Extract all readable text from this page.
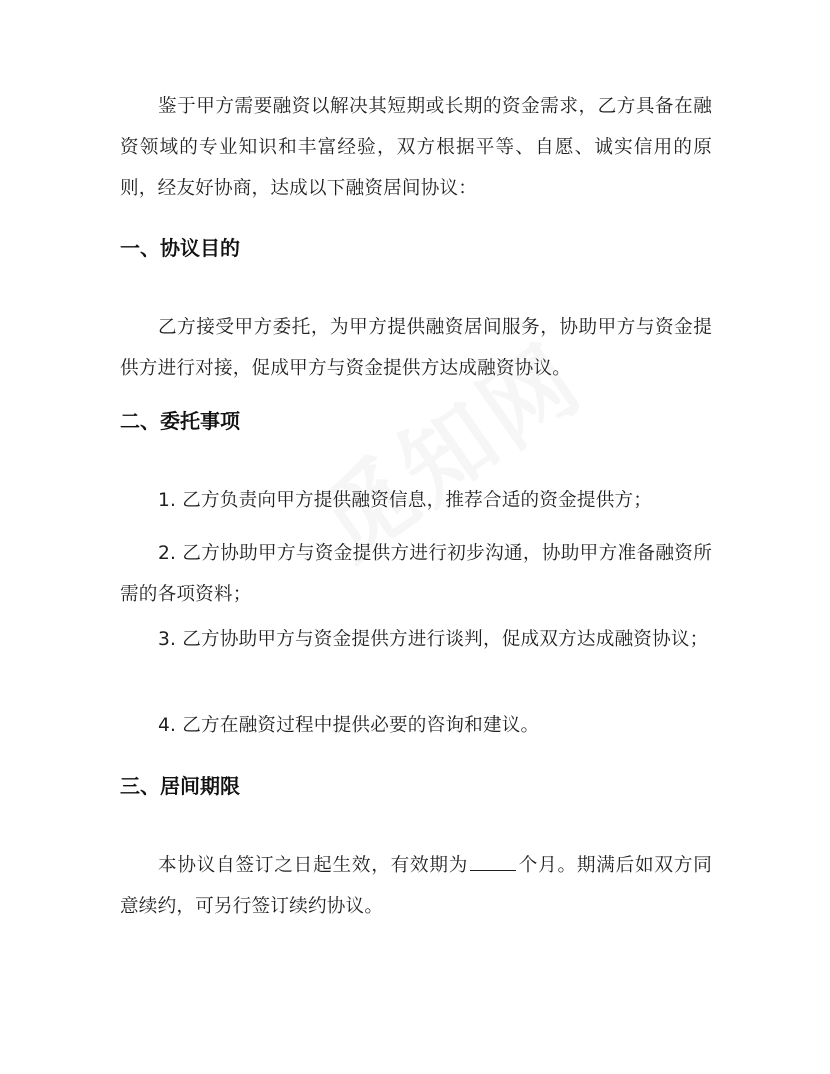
鉴于甲方需要融资以解决其短期或长期的资金需求，乙方具备在融资领域的专业知识和丰富经验，双方根据平等、自愿、诚实信用的原则，经友好协商，达成以下融资居间协议：

一、协议目的

乙方接受甲方委托，为甲方提供融资居间服务，协助甲方与资金提供方进行对接，促成甲方与资金提供方达成融资协议。

二、委托事项

1. 乙方负责向甲方提供融资信息，推荐合适的资金提供方；

2. 乙方协助甲方与资金提供方进行初步沟通，协助甲方准备融资所需的各项资料；

3. 乙方协助甲方与资金提供方进行谈判，促成双方达成融资协议；

4. 乙方在融资过程中提供必要的咨询和建议。

三、居间期限

本协议自签订之日起生效，有效期为	个月。期满后如双方同意续约，可另行签订续约协议。
